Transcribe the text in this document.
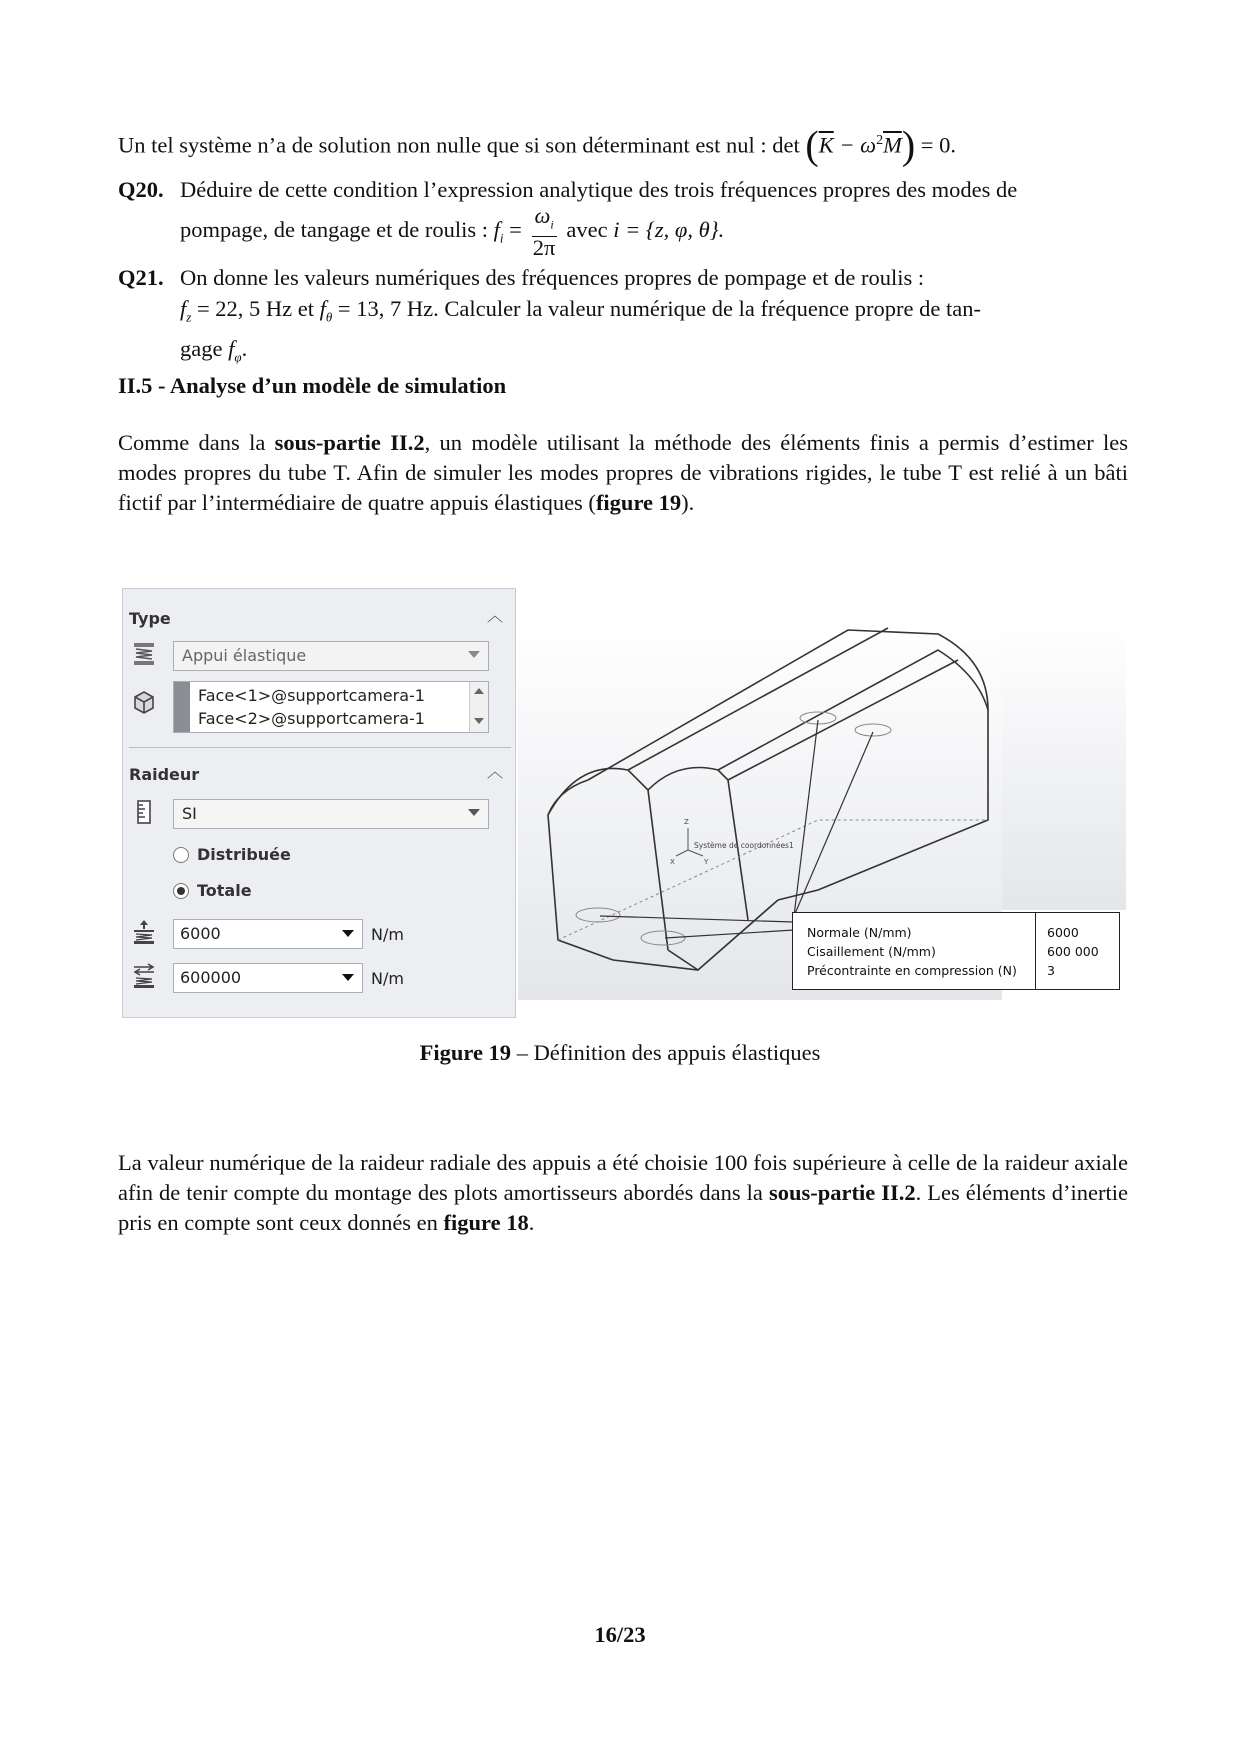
Un tel système n’a de solution non nulle que si son déterminant est nul : $\det (\overline{K} - \omega^2\overline{M}) = 0$.
Q20. Déduire de cette condition l’expression analytique des trois fréquences propres des modes de
pompage, de tangage et de roulis : $f_i = \frac{\omega_i}{2\pi}$ avec i = {z, φ, θ}.
Q21. On donne les valeurs numériques des fréquences propres de pompage et de roulis :
$f_z = 22$, 5 Hz et $f_\theta = 13$, 7 Hz. Calculer la valeur numérique de la fréquence propre de tan-
gage $f_\varphi$.
II.5 - Analyse d’un modèle de simulation
Comme dans la sous-partie II.2, un modèle utilisant la méthode des éléments finis a permis d’estimer les modes propres du tube T. Afin de simuler les modes propres de vibrations rigides, le tube T est relié à un bâti fictif par l’intermédiaire de quatre appuis élastiques (figure 19).
Type	︿
Appui élastique
Face<1>@supportcamera-1
Face<2>@supportcamera-1
Raideur	︿
SI
Distribuée
Totale
6000	N/m
600000	N/m
Z
X	Y
Système de coordonnées1
Normale (N/mm)	6000
Cisaillement (N/mm)	600 000
Précontrainte en compression (N) 3
Figure 19 – Définition des appuis élastiques
La valeur numérique de la raideur radiale des appuis a été choisie 100 fois supérieure à celle de la raideur axiale afin de tenir compte du montage des plots amortisseurs abordés dans la sous-partie II.2. Les éléments d’inertie pris en compte sont ceux donnés en figure 18.
16/23
